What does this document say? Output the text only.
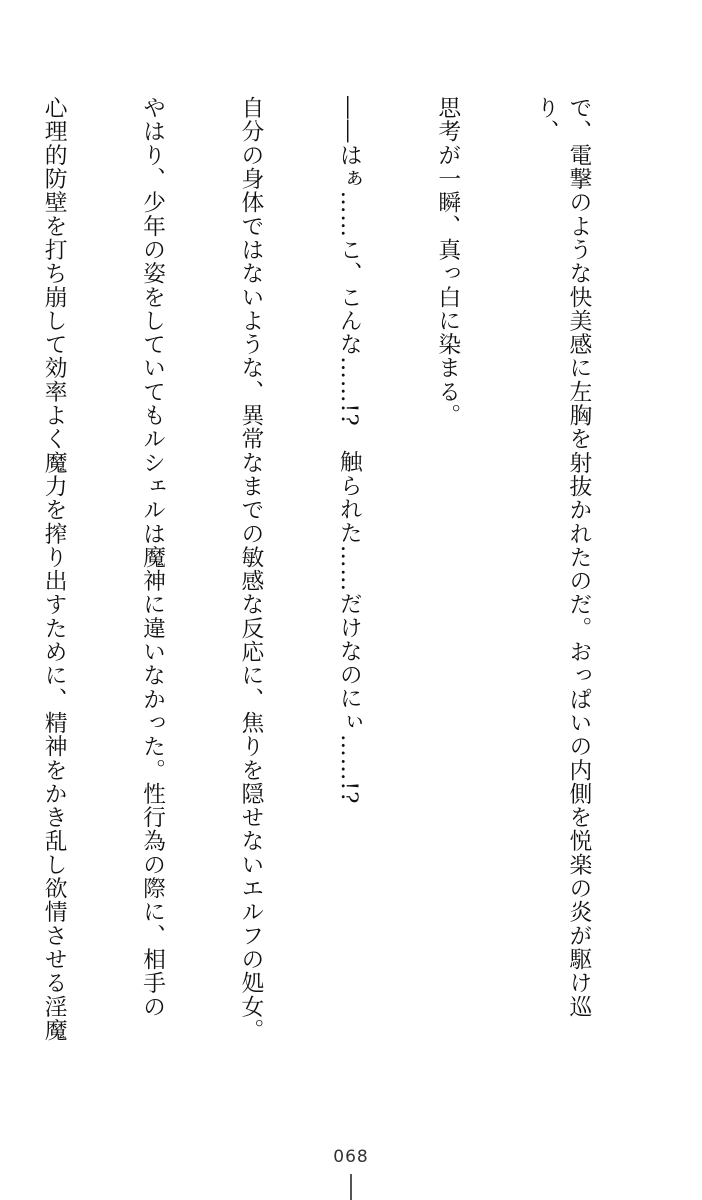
で、電撃のような快美感に左胸を射抜かれたのだ。おっぱいの内側を悦楽の炎が駆け巡り、

思考が一瞬、真っ白に染まる。

――はぁ……こ、こんな……!?　触られた……だけなのにぃ……!?

自分の身体ではないような、異常なまでの敏感な反応に、焦りを隠せないエルフの処女。

やはり、少年の姿をしていてもルシェルは魔神に違いなかった。性行為の際に、相手の

心理的防壁を打ち崩して効率よく魔力を搾り出すために、精神をかき乱し欲情させる淫魔

068
